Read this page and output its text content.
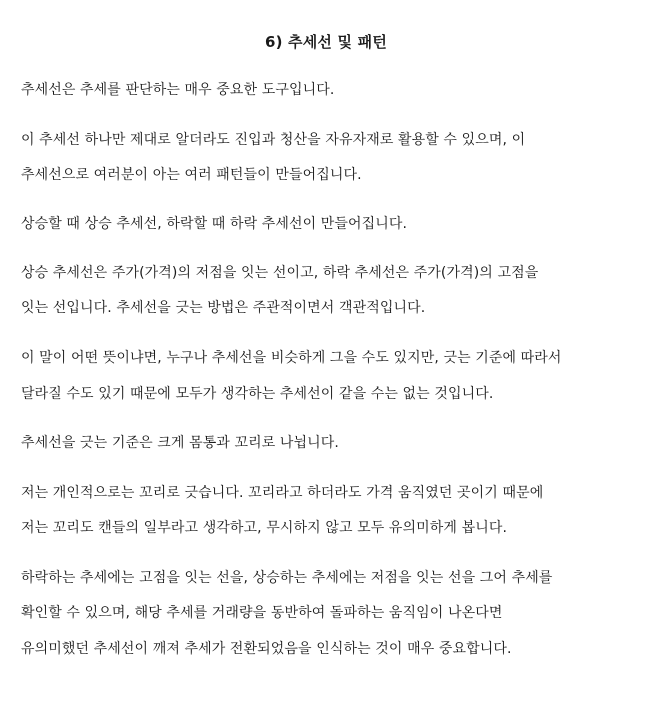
6) 추세선 및 패턴
추세선은 추세를 판단하는 매우 중요한 도구입니다.
이 추세선 하나만 제대로 알더라도 진입과 청산을 자유자재로 활용할 수 있으며, 이
추세선으로 여러분이 아는 여러 패턴들이 만들어집니다.
상승할 때 상승 추세선, 하락할 때 하락 추세선이 만들어집니다.
상승 추세선은 주가(가격)의 저점을 잇는 선이고, 하락 추세선은 주가(가격)의 고점을
잇는 선입니다. 추세선을 긋는 방법은 주관적이면서 객관적입니다.
이 말이 어떤 뜻이냐면, 누구나 추세선을 비슷하게 그을 수도 있지만, 긋는 기준에 따라서
달라질 수도 있기 때문에 모두가 생각하는 추세선이 같을 수는 없는 것입니다.
추세선을 긋는 기준은 크게 몸통과 꼬리로 나뉩니다.
저는 개인적으로는 꼬리로 긋습니다. 꼬리라고 하더라도 가격 움직였던 곳이기 때문에
저는 꼬리도 캔들의 일부라고 생각하고, 무시하지 않고 모두 유의미하게 봅니다.
하락하는 추세에는 고점을 잇는 선을, 상승하는 추세에는 저점을 잇는 선을 그어 추세를
확인할 수 있으며, 해당 추세를 거래량을 동반하여 돌파하는 움직임이 나온다면
유의미했던 추세선이 깨져 추세가 전환되었음을 인식하는 것이 매우 중요합니다.
